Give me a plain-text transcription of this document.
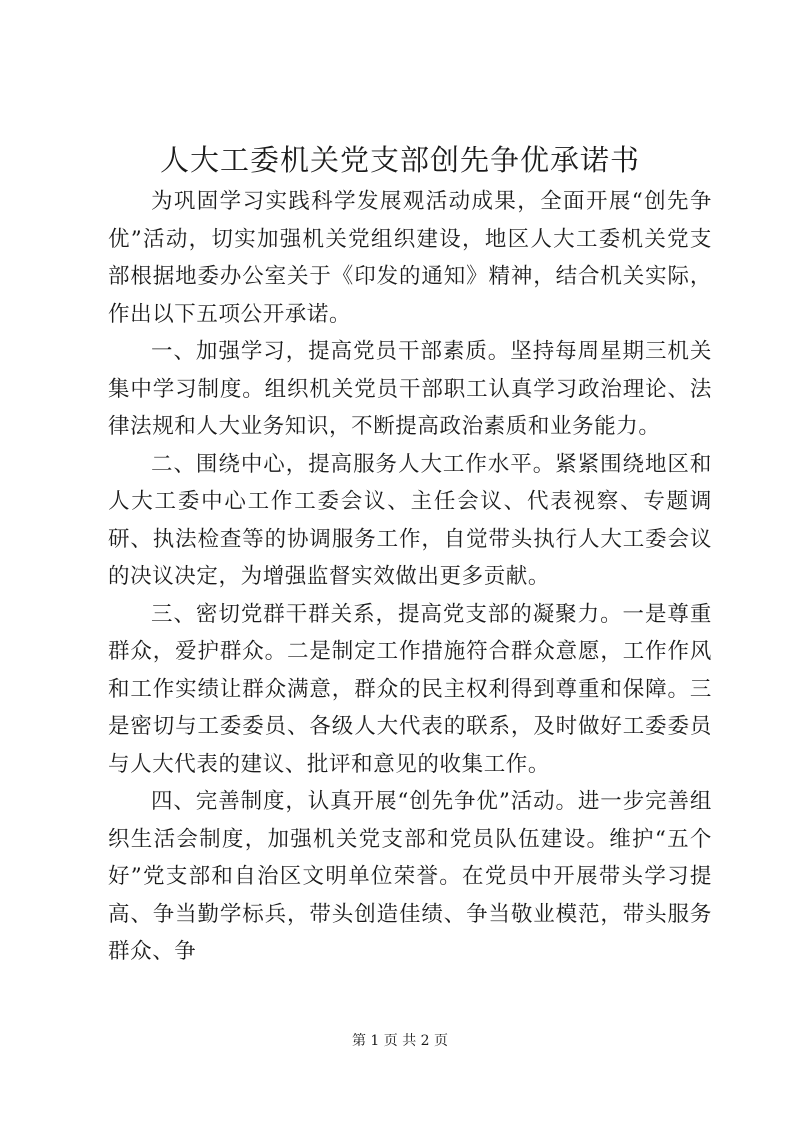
人大工委机关党支部创先争优承诺书

为巩固学习实践科学发展观活动成果，全面开展“创先争优”活动，切实加强机关党组织建设，地区人大工委机关党支部根据地委办公室关于《印发的通知》精神，结合机关实际，作出以下五项公开承诺。

一、加强学习，提高党员干部素质。坚持每周星期三机关集中学习制度。组织机关党员干部职工认真学习政治理论、法律法规和人大业务知识，不断提高政治素质和业务能力。

二、围绕中心，提高服务人大工作水平。紧紧围绕地区和人大工委中心工作工委会议、主任会议、代表视察、专题调研、执法检查等的协调服务工作，自觉带头执行人大工委会议的决议决定，为增强监督实效做出更多贡献。

三、密切党群干群关系，提高党支部的凝聚力。一是尊重群众，爱护群众。二是制定工作措施符合群众意愿，工作作风和工作实绩让群众满意，群众的民主权利得到尊重和保障。三是密切与工委委员、各级人大代表的联系，及时做好工委委员与人大代表的建议、批评和意见的收集工作。

四、完善制度，认真开展“创先争优”活动。进一步完善组织生活会制度，加强机关党支部和党员队伍建设。维护“五个好”党支部和自治区文明单位荣誉。在党员中开展带头学习提高、争当勤学标兵，带头创造佳绩、争当敬业模范，带头服务群众、争

第 1 页 共 2 页
